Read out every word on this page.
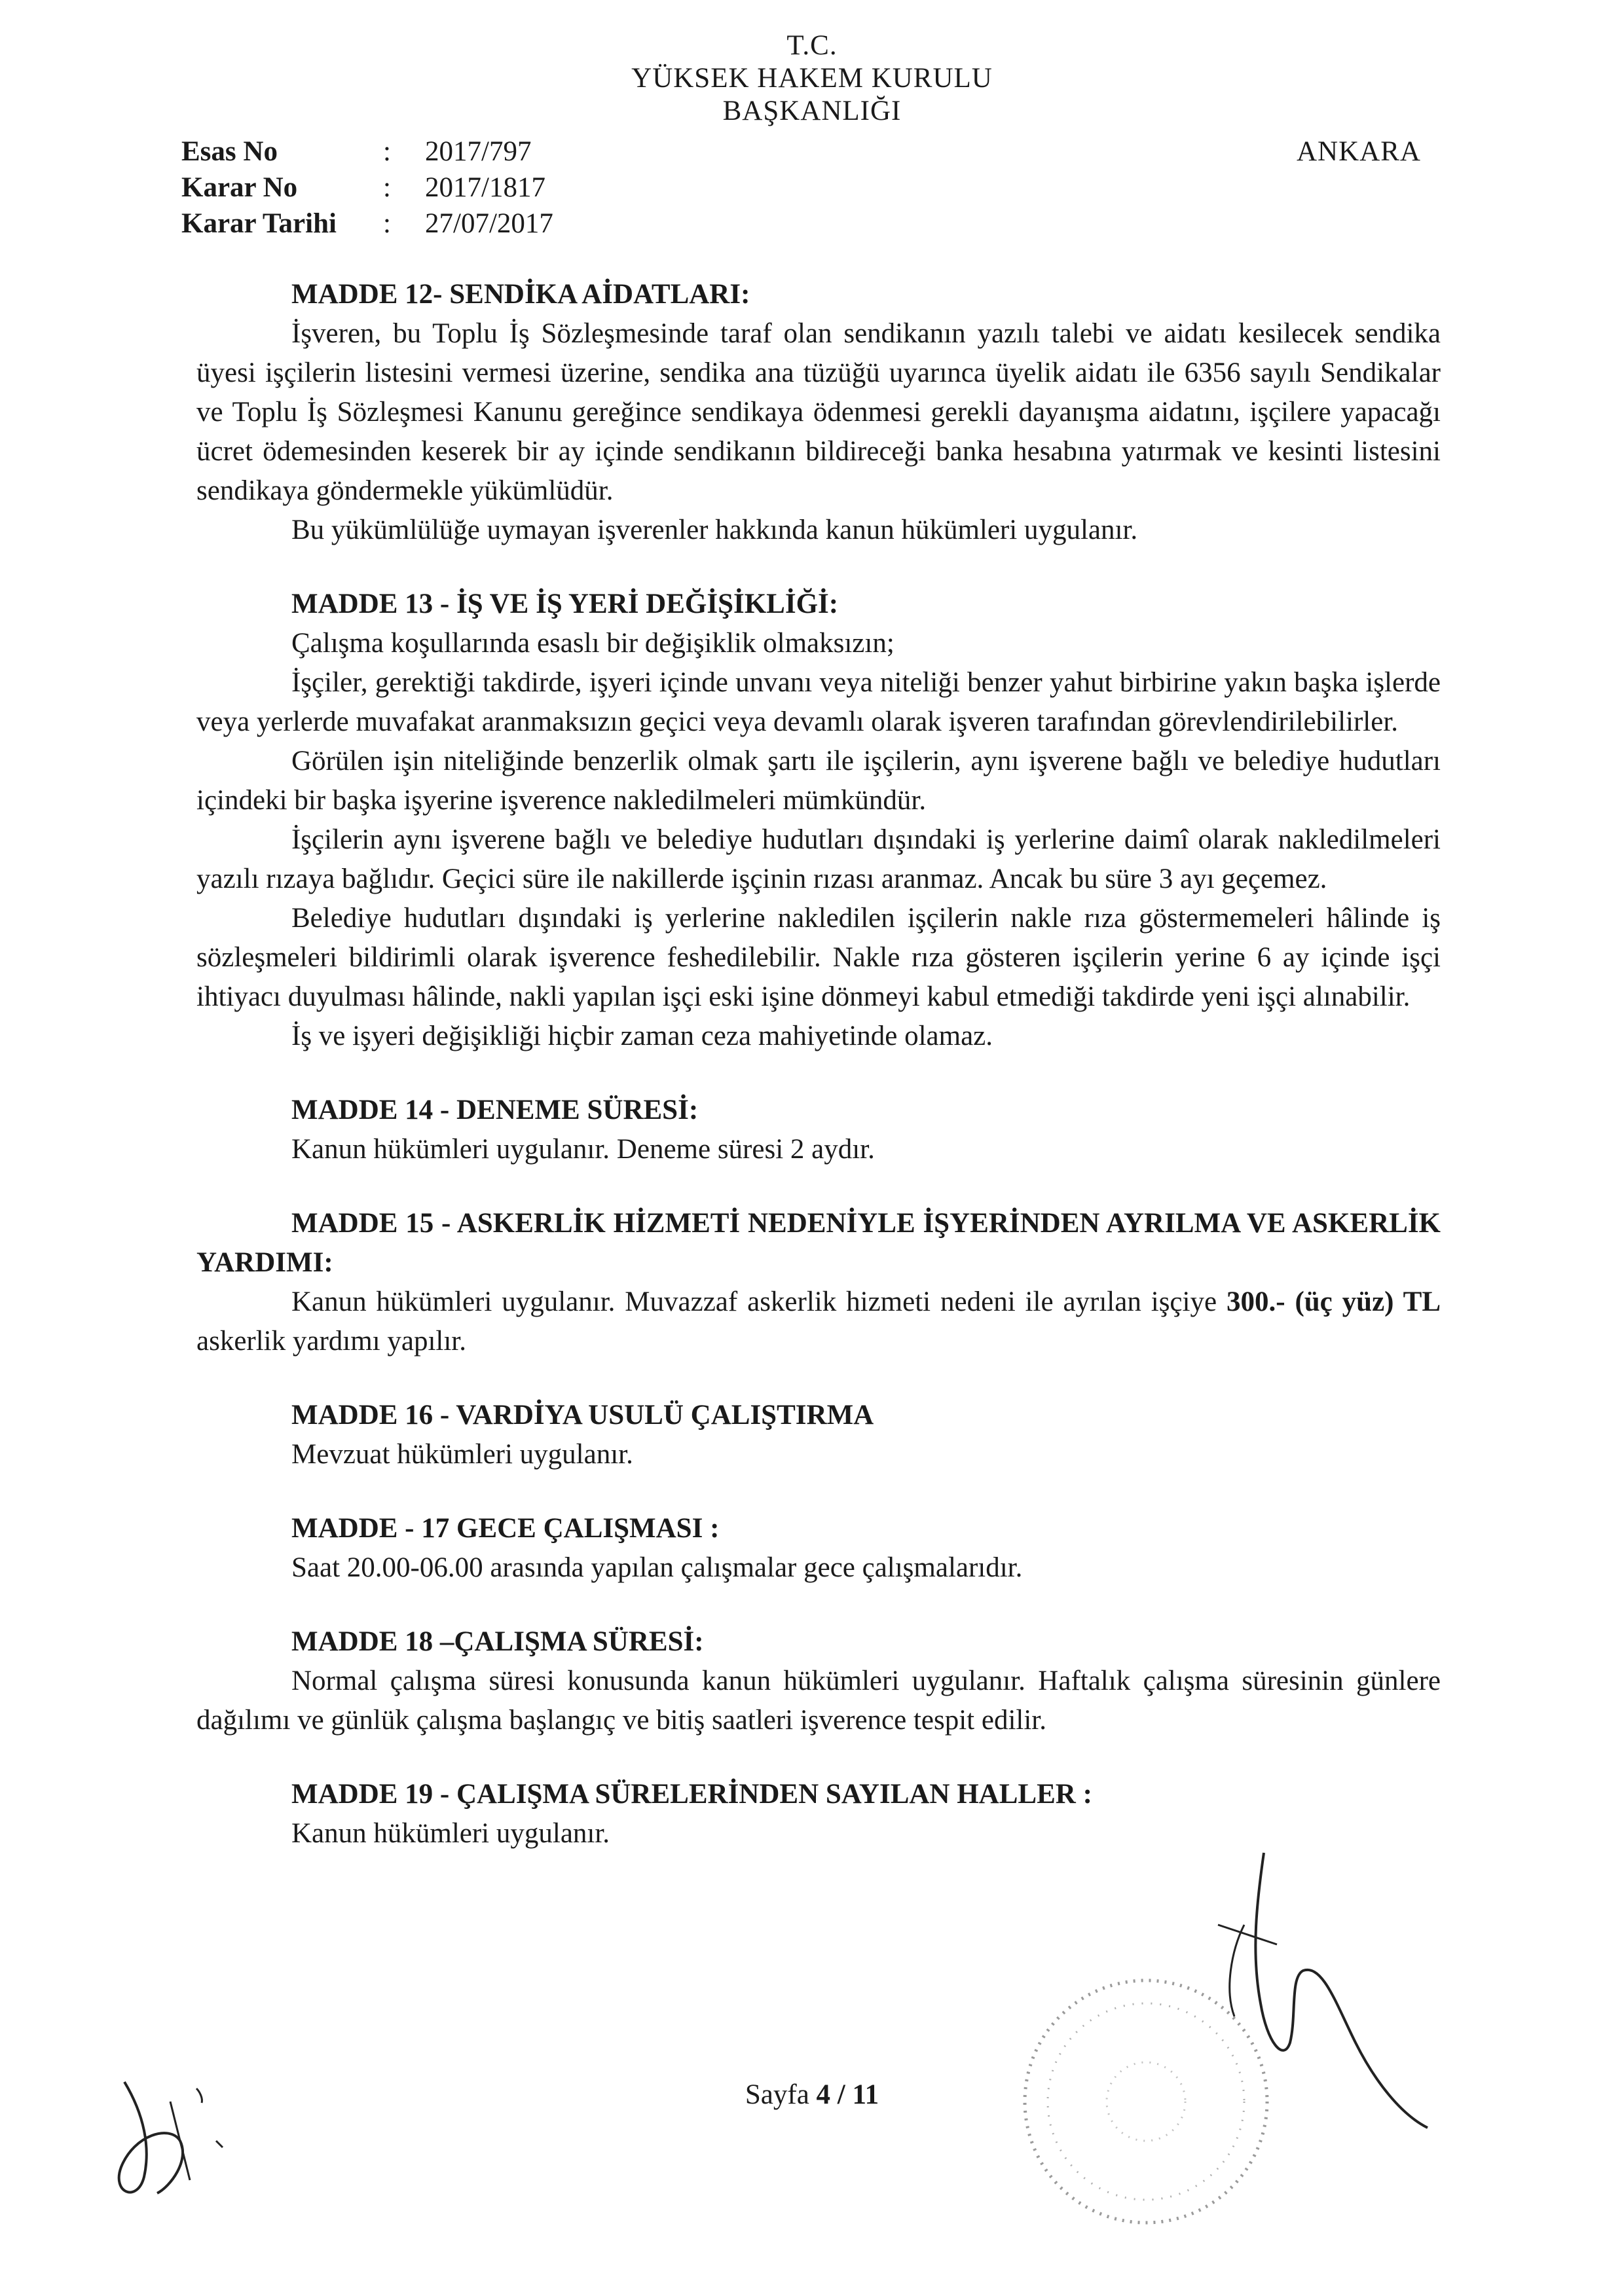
T.C.
YÜKSEK HAKEM KURULU
BAŞKANLIĞI
ANKARA
Esas No	: 2017/797
Karar No	: 2017/1817
Karar Tarihi : 27/07/2017
MADDE 12- SENDİKA AİDATLARI:

İşveren, bu Toplu İş Sözleşmesinde taraf olan sendikanın yazılı talebi ve aidatı kesilecek sendika üyesi işçilerin listesini vermesi üzerine, sendika ana tüzüğü uyarınca üyelik aidatı ile 6356 sayılı Sendikalar ve Toplu İş Sözleşmesi Kanunu gereğince sendikaya ödenmesi gerekli dayanışma aidatını, işçilere yapacağı ücret ödemesinden keserek bir ay içinde sendikanın bildireceği banka hesabına yatırmak ve kesinti listesini sendikaya göndermekle yükümlüdür.

Bu yükümlülüğe uymayan işverenler hakkında kanun hükümleri uygulanır.

MADDE 13 - İŞ VE İŞ YERİ DEĞİŞİKLİĞİ:

Çalışma koşullarında esaslı bir değişiklik olmaksızın;

İşçiler, gerektiği takdirde, işyeri içinde unvanı veya niteliği benzer yahut birbirine yakın başka işlerde veya yerlerde muvafakat aranmaksızın geçici veya devamlı olarak işveren tarafından görevlendirilebilirler.

Görülen işin niteliğinde benzerlik olmak şartı ile işçilerin, aynı işverene bağlı ve belediye hudutları içindeki bir başka işyerine işverence nakledilmeleri mümkündür.

İşçilerin aynı işverene bağlı ve belediye hudutları dışındaki iş yerlerine daimî olarak nakledilmeleri yazılı rızaya bağlıdır. Geçici süre ile nakillerde işçinin rızası aranmaz. Ancak bu süre 3 ayı geçemez.

Belediye hudutları dışındaki iş yerlerine nakledilen işçilerin nakle rıza göstermemeleri hâlinde iş sözleşmeleri bildirimli olarak işverence feshedilebilir. Nakle rıza gösteren işçilerin yerine 6 ay içinde işçi ihtiyacı duyulması hâlinde, nakli yapılan işçi eski işine dönmeyi kabul etmediği takdirde yeni işçi alınabilir.

İş ve işyeri değişikliği hiçbir zaman ceza mahiyetinde olamaz.

MADDE 14 - DENEME SÜRESİ:

Kanun hükümleri uygulanır. Deneme süresi 2 aydır.

MADDE 15 - ASKERLİK HİZMETİ NEDENİYLE İŞYERİNDEN AYRILMA VE ASKERLİK YARDIMI:

Kanun hükümleri uygulanır. Muvazzaf askerlik hizmeti nedeni ile ayrılan işçiye 300.- (üç yüz) TL askerlik yardımı yapılır.

MADDE 16 - VARDİYA USULÜ ÇALIŞTIRMA

Mevzuat hükümleri uygulanır.

MADDE - 17 GECE ÇALIŞMASI :

Saat 20.00-06.00 arasında yapılan çalışmalar gece çalışmalarıdır.

MADDE 18 –ÇALIŞMA SÜRESİ:

Normal çalışma süresi konusunda kanun hükümleri uygulanır. Haftalık çalışma süresinin günlere dağılımı ve günlük çalışma başlangıç ve bitiş saatleri işverence tespit edilir.

MADDE 19 - ÇALIŞMA SÜRELERİNDEN SAYILAN HALLER :

Kanun hükümleri uygulanır.

Sayfa 4 / 11
